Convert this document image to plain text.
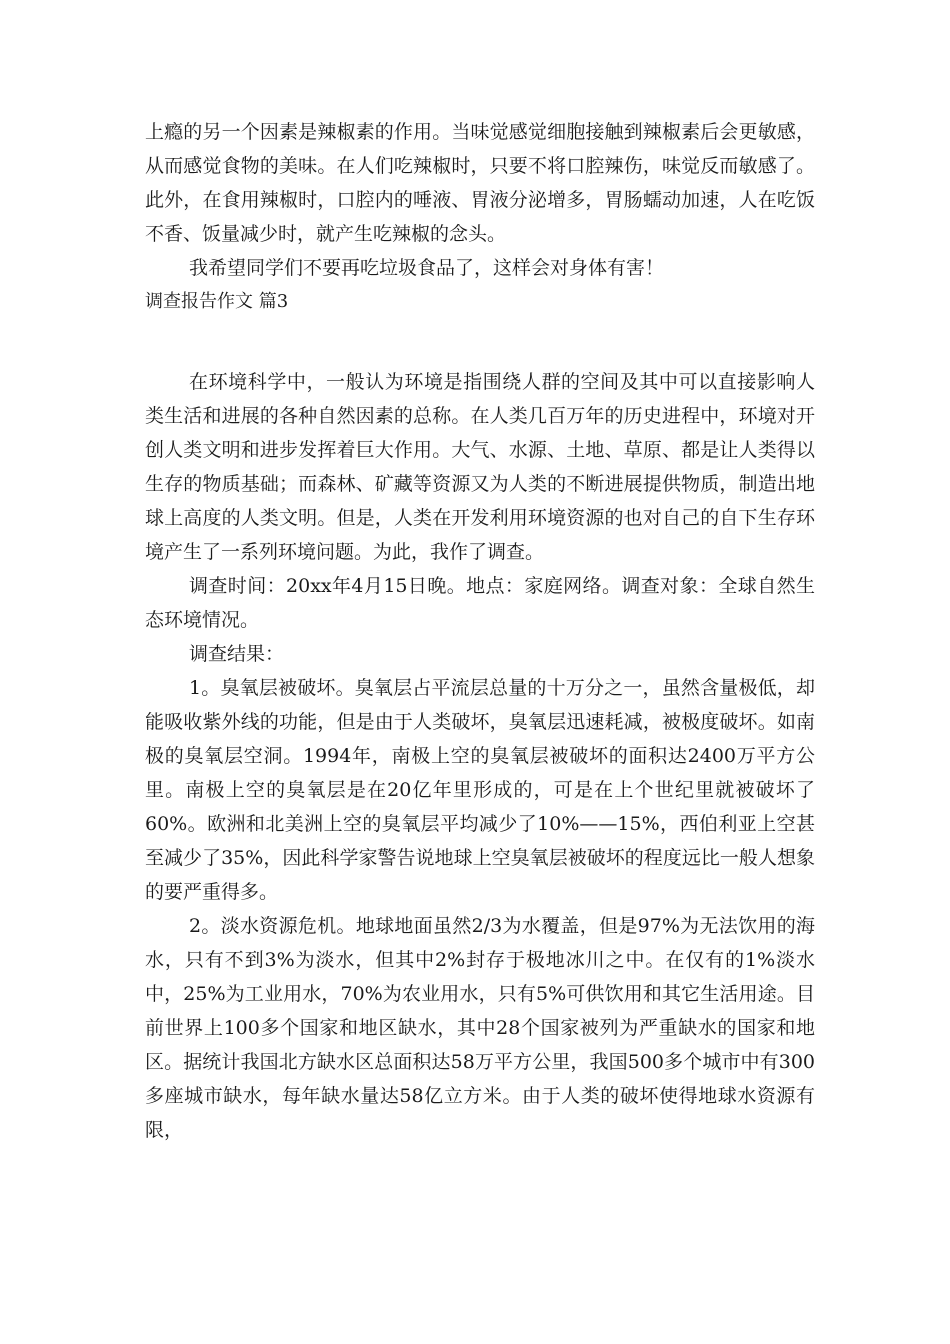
上瘾的另一个因素是辣椒素的作用。当味觉感觉细胞接触到辣椒素后会更敏感，从而感觉食物的美味。在人们吃辣椒时，只要不将口腔辣伤，味觉反而敏感了。此外，在食用辣椒时，口腔内的唾液、胃液分泌增多，胃肠蠕动加速，人在吃饭不香、饭量减少时，就产生吃辣椒的念头。

我希望同学们不要再吃垃圾食品了，这样会对身体有害！

调查报告作文 篇3

在环境科学中，一般认为环境是指围绕人群的空间及其中可以直接影响人类生活和进展的各种自然因素的总称。在人类几百万年的历史进程中，环境对开创人类文明和进步发挥着巨大作用。大气、水源、土地、草原、都是让人类得以生存的物质基础；而森林、矿藏等资源又为人类的不断进展提供物质，制造出地球上高度的人类文明。但是，人类在开发利用环境资源的也对自己的自下生存环境产生了一系列环境问题。为此，我作了调查。

调查时间：20xx年4月15日晚。地点：家庭网络。调查对象：全球自然生态环境情况。

调查结果：

1。臭氧层被破坏。臭氧层占平流层总量的十万分之一，虽然含量极低，却能吸收紫外线的功能，但是由于人类破坏，臭氧层迅速耗减，被极度破坏。如南极的臭氧层空洞。1994年，南极上空的臭氧层被破坏的面积达2400万平方公里。南极上空的臭氧层是在20亿年里形成的，可是在上个世纪里就被破坏了60%。欧洲和北美洲上空的臭氧层平均减少了10%——15%，西伯利亚上空甚至减少了35%，因此科学家警告说地球上空臭氧层被破坏的程度远比一般人想象的要严重得多。

2。淡水资源危机。地球地面虽然2/3为水覆盖，但是97%为无法饮用的海水，只有不到3%为淡水，但其中2%封存于极地冰川之中。在仅有的1%淡水中，25%为工业用水，70%为农业用水，只有5%可供饮用和其它生活用途。目前世界上100多个国家和地区缺水，其中28个国家被列为严重缺水的国家和地区。据统计我国北方缺水区总面积达58万平方公里，我国500多个城市中有300多座城市缺水，每年缺水量达58亿立方米。由于人类的破坏使得地球水资源有限，
